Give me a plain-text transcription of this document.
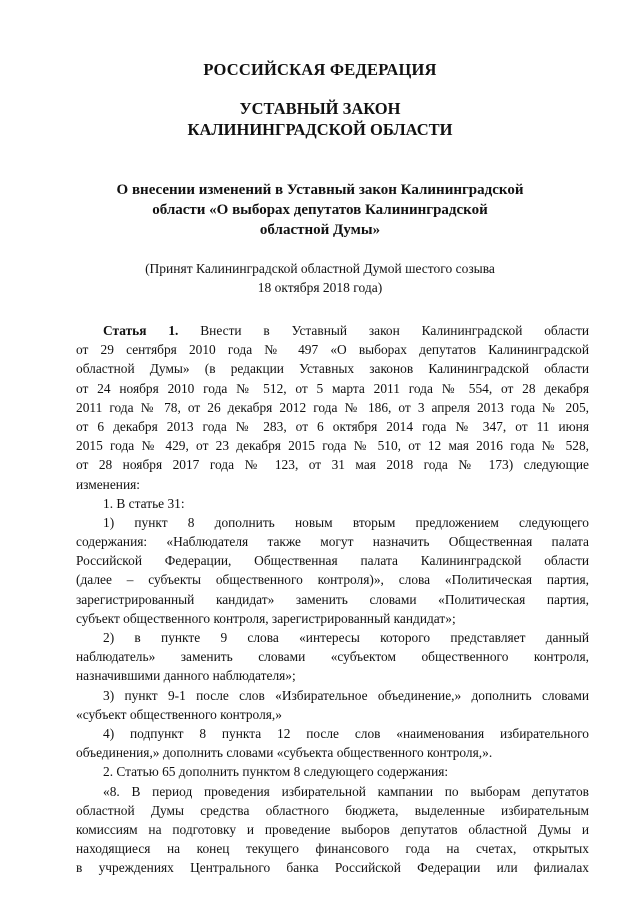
РОССИЙСКАЯ ФЕДЕРАЦИЯ
УСТАВНЫЙ ЗАКОН
КАЛИНИНГРАДСКОЙ ОБЛАСТИ
О внесении изменений в Уставный закон Калининградской
области «О выборах депутатов Калининградской
областной Думы»
(Принят Калининградской областной Думой шестого созыва
18 октября 2018 года)
Статья 1. Внести в Уставный закон Калининградской области
от 29 сентября 2010 года № 497 «О выборах депутатов Калининградской
областной Думы» (в редакции Уставных законов Калининградской области
от 24 ноября 2010 года № 512, от 5 марта 2011 года № 554, от 28 декабря
2011 года № 78, от 26 декабря 2012 года № 186, от 3 апреля 2013 года № 205,
от 6 декабря 2013 года № 283, от 6 октября 2014 года № 347, от 11 июня
2015 года № 429, от 23 декабря 2015 года № 510, от 12 мая 2016 года № 528,
от 28 ноября 2017 года № 123, от 31 мая 2018 года № 173) следующие
изменения:
1. В статье 31:
1) пункт 8 дополнить новым вторым предложением следующего
содержания: «Наблюдателя также могут назначить Общественная палата
Российской Федерации, Общественная палата Калининградской области
(далее – субъекты общественного контроля)», слова «Политическая партия,
зарегистрированный кандидат» заменить словами «Политическая партия,
субъект общественного контроля, зарегистрированный кандидат»;
2) в пункте 9 слова «интересы которого представляет данный
наблюдатель» заменить словами «субъектом общественного контроля,
назначившими данного наблюдателя»;
3) пункт 9-1 после слов «Избирательное объединение,» дополнить словами
«субъект общественного контроля,»
4) подпункт 8 пункта 12 после слов «наименования избирательного
объединения,» дополнить словами «субъекта общественного контроля,».
2. Статью 65 дополнить пунктом 8 следующего содержания:
«8. В период проведения избирательной кампании по выборам депутатов
областной Думы средства областного бюджета, выделенные избирательным
комиссиям на подготовку и проведение выборов депутатов областной Думы и
находящиеся на конец текущего финансового года на счетах, открытых
в учреждениях Центрального банка Российской Федерации или филиалах
